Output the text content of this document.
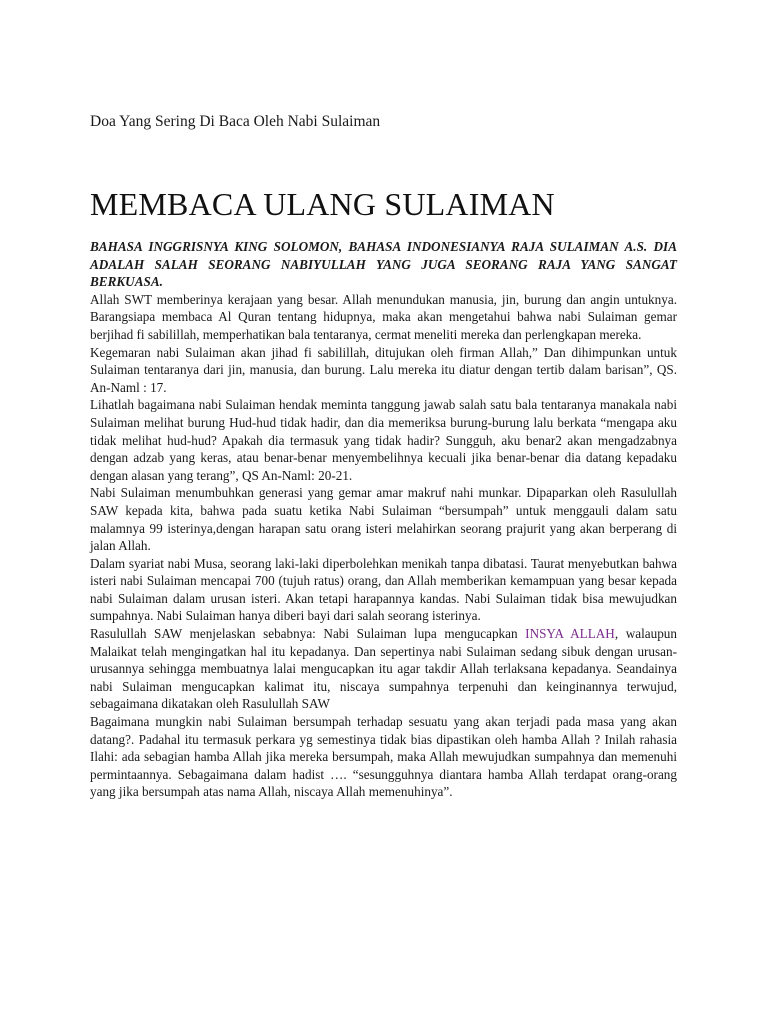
Doa Yang Sering Di Baca Oleh Nabi Sulaiman
MEMBACA ULANG SULAIMAN

BAHASA INGGRISNYA KING SOLOMON, BAHASA INDONESIANYA RAJA SULAIMAN A.S. DIA ADALAH SALAH SEORANG NABIYULLAH YANG JUGA SEORANG RAJA YANG SANGAT BERKUASA.

Allah SWT memberinya kerajaan yang besar. Allah menundukan manusia, jin, burung dan angin untuknya. Barangsiapa membaca Al Quran tentang hidupnya, maka akan mengetahui bahwa nabi Sulaiman gemar berjihad fi sabilillah, memperhatikan bala tentaranya, cermat meneliti mereka dan perlengkapan mereka.

Kegemaran nabi Sulaiman akan jihad fi sabilillah, ditujukan oleh firman Allah,” Dan dihimpunkan untuk Sulaiman tentaranya dari jin, manusia, dan burung. Lalu mereka itu diatur dengan tertib dalam barisan”, QS. An-Naml : 17.

Lihatlah bagaimana nabi Sulaiman hendak meminta tanggung jawab salah satu bala tentaranya manakala nabi Sulaiman melihat burung Hud-hud tidak hadir, dan dia memeriksa burung-burung lalu berkata “mengapa aku tidak melihat hud-hud? Apakah dia termasuk yang tidak hadir? Sungguh, aku benar2 akan mengadzabnya dengan adzab yang keras, atau benar-benar menyembelihnya kecuali jika benar-benar dia datang kepadaku dengan alasan yang terang”, QS An-Naml: 20-21.

Nabi Sulaiman menumbuhkan generasi yang gemar amar makruf nahi munkar. Dipaparkan oleh Rasulullah SAW kepada kita, bahwa pada suatu ketika Nabi Sulaiman “bersumpah” untuk menggauli dalam satu malamnya 99 isterinya,dengan harapan satu orang isteri melahirkan seorang prajurit yang akan berperang di jalan Allah.

Dalam syariat nabi Musa, seorang laki-laki diperbolehkan menikah tanpa dibatasi. Taurat menyebutkan bahwa isteri nabi Sulaiman mencapai 700 (tujuh ratus) orang, dan Allah memberikan kemampuan yang besar kepada nabi Sulaiman dalam urusan isteri. Akan tetapi harapannya kandas. Nabi Sulaiman tidak bisa mewujudkan sumpahnya. Nabi Sulaiman hanya diberi bayi dari salah seorang isterinya.

Rasulullah SAW menjelaskan sebabnya: Nabi Sulaiman lupa mengucapkan INSYA ALLAH, walaupun Malaikat telah mengingatkan hal itu kepadanya. Dan sepertinya nabi Sulaiman sedang sibuk dengan urusan-urusannya sehingga membuatnya lalai mengucapkan itu agar takdir Allah terlaksana kepadanya. Seandainya nabi Sulaiman mengucapkan kalimat itu, niscaya sumpahnya terpenuhi dan keinginannya terwujud, sebagaimana dikatakan oleh Rasulullah SAW

Bagaimana mungkin nabi Sulaiman bersumpah terhadap sesuatu yang akan terjadi pada masa yang akan datang?. Padahal itu termasuk perkara yg semestinya tidak bias dipastikan oleh hamba Allah ? Inilah rahasia Ilahi: ada sebagian hamba Allah jika mereka bersumpah, maka Allah mewujudkan sumpahnya dan memenuhi permintaannya. Sebagaimana dalam hadist …. “sesungguhnya diantara hamba Allah terdapat orang-orang yang jika bersumpah atas nama Allah, niscaya Allah memenuhinya”.
